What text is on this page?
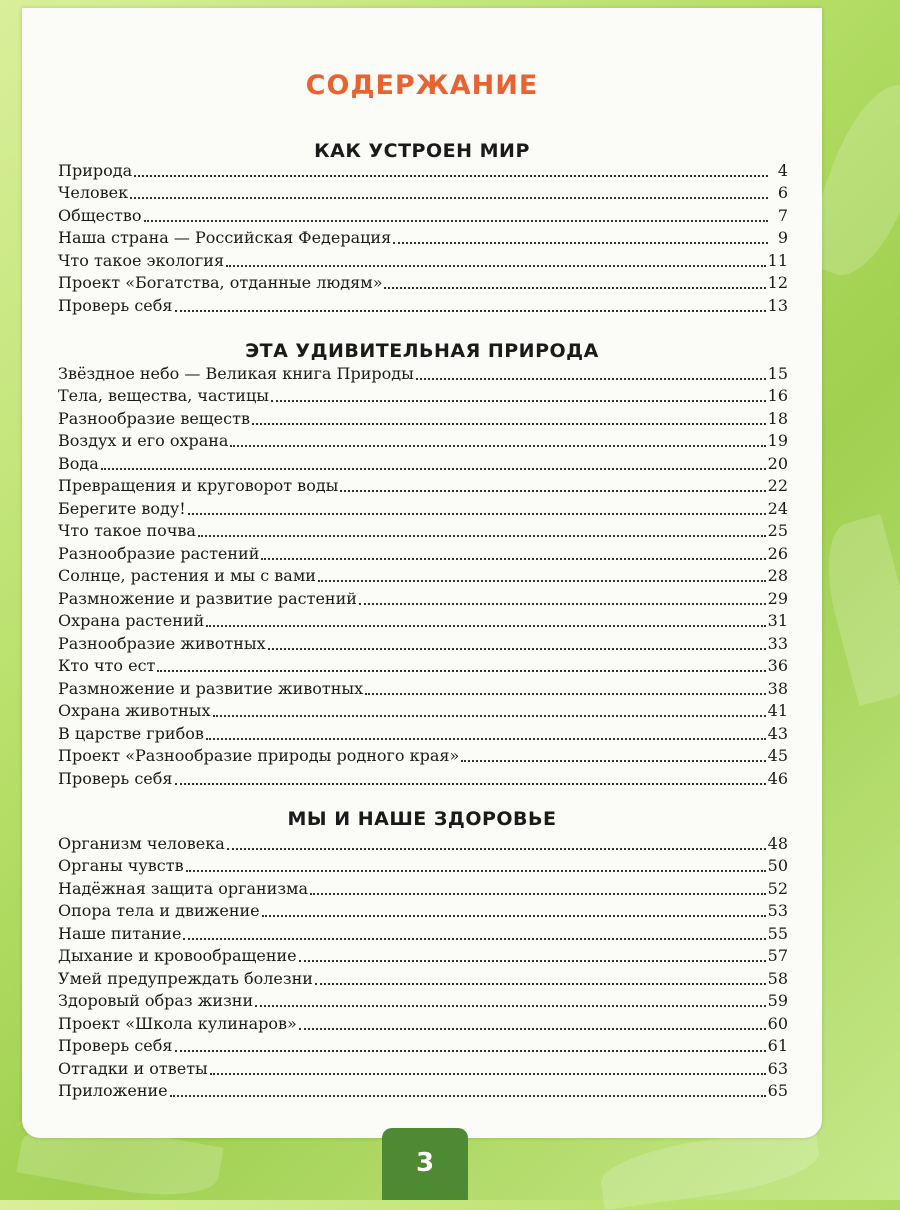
СОДЕРЖАНИЕ
КАК УСТРОЕН МИР
Природа	4
Человек	6
Общество	7
Наша страна — Российская Федерация	9
Что такое экология	11
Проект «Богатства, отданные людям»	12
Проверь себя	13
ЭТА УДИВИТЕЛЬНАЯ ПРИРОДА
Звёздное небо — Великая книга Природы	15
Тела, вещества, частицы	16
Разнообразие веществ	18
Воздух и его охрана	19
Вода	20
Превращения и круговорот воды	22
Берегите воду!	24
Что такое почва	25
Разнообразие растений	26
Солнце, растения и мы с вами	28
Размножение и развитие растений	29
Охрана растений	31
Разнообразие животных	33
Кто что ест	36
Размножение и развитие животных	38
Охрана животных	41
В царстве грибов	43
Проект «Разнообразие природы родного края»	45
Проверь себя	46
МЫ И НАШЕ ЗДОРОВЬЕ
Организм человека	48
Органы чувств	50
Надёжная защита организма	52
Опора тела и движение	53
Наше питание	55
Дыхание и кровообращение	57
Умей предупреждать болезни	58
Здоровый образ жизни	59
Проект «Школа кулинаров»	60
Проверь себя	61
Отгадки и ответы	63
Приложение	65
3
